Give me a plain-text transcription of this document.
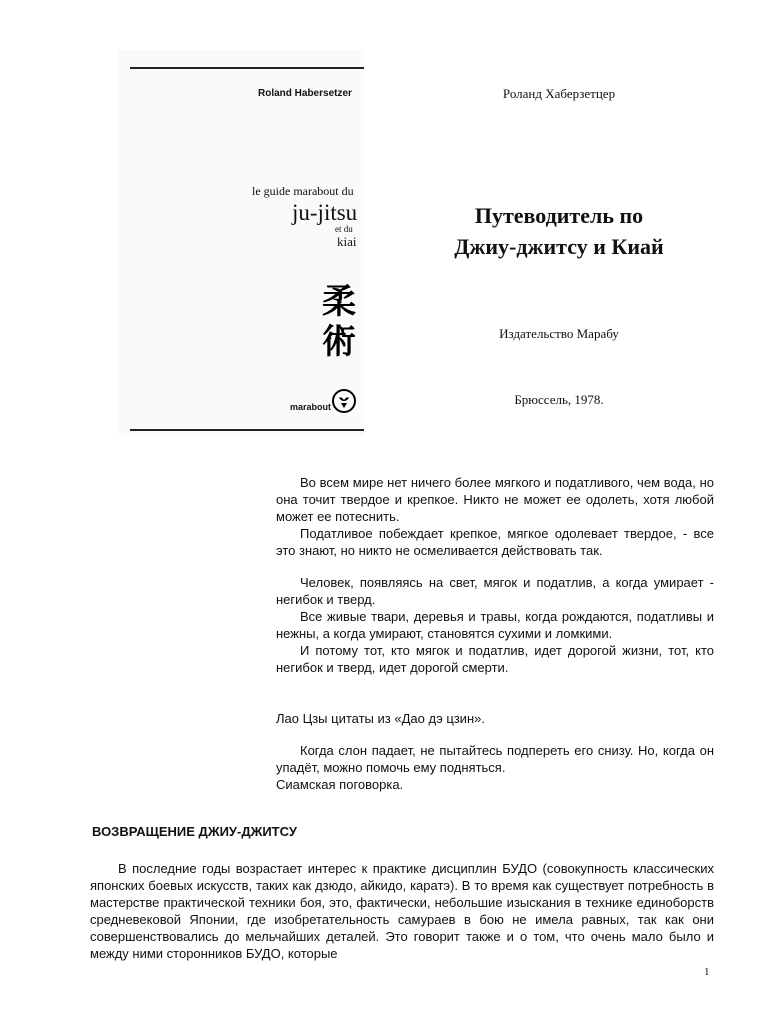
Roland Habersetzer
le guide marabout du
ju-jitsu
et du
kiai
柔
術
marabout
Роланд Хаберзетцер
Путеводитель по
Джиу-джитсу и Киай
Издательство Марабу
Брюссель, 1978.

Во всем мире нет ничего более мягкого и податливого, чем вода, но она точит твердое и крепкое. Никто не может ее одолеть, хотя любой может ее потеснить.

Податливое побеждает крепкое, мягкое одолевает твердое, - все это знают, но никто не осмеливается действовать так.

Человек, появляясь на свет, мягок и податлив, а когда умирает - негибок и тверд.

Все живые твари, деревья и травы, когда рождаются, податливы и нежны, а когда умирают, становятся сухими и ломкими.

И потому тот, кто мягок и податлив, идет дорогой жизни, тот, кто негибок и тверд, идет дорогой смерти.

Лао Цзы цитаты из «Дао дэ цзин».

Когда слон падает, не пытайтесь подпереть его снизу. Но, когда он упадёт, можно помочь ему подняться.

Сиамская поговорка.

ВОЗВРАЩЕНИЕ ДЖИУ-ДЖИТСУ

В последние годы возрастает интерес к практике дисциплин БУДО (совокупность классических японских боевых искусств, таких как дзюдо, айкидо, каратэ). В то время как существует потребность в мастерстве практической техники боя, это, фактически, небольшие изыскания в технике единоборств средневековой Японии, где изобретательность самураев в бою не имела равных, так как они совершенствовались до мельчайших деталей. Это говорит также и о том, что очень мало было и между ними сторонников БУДО, которые

1
